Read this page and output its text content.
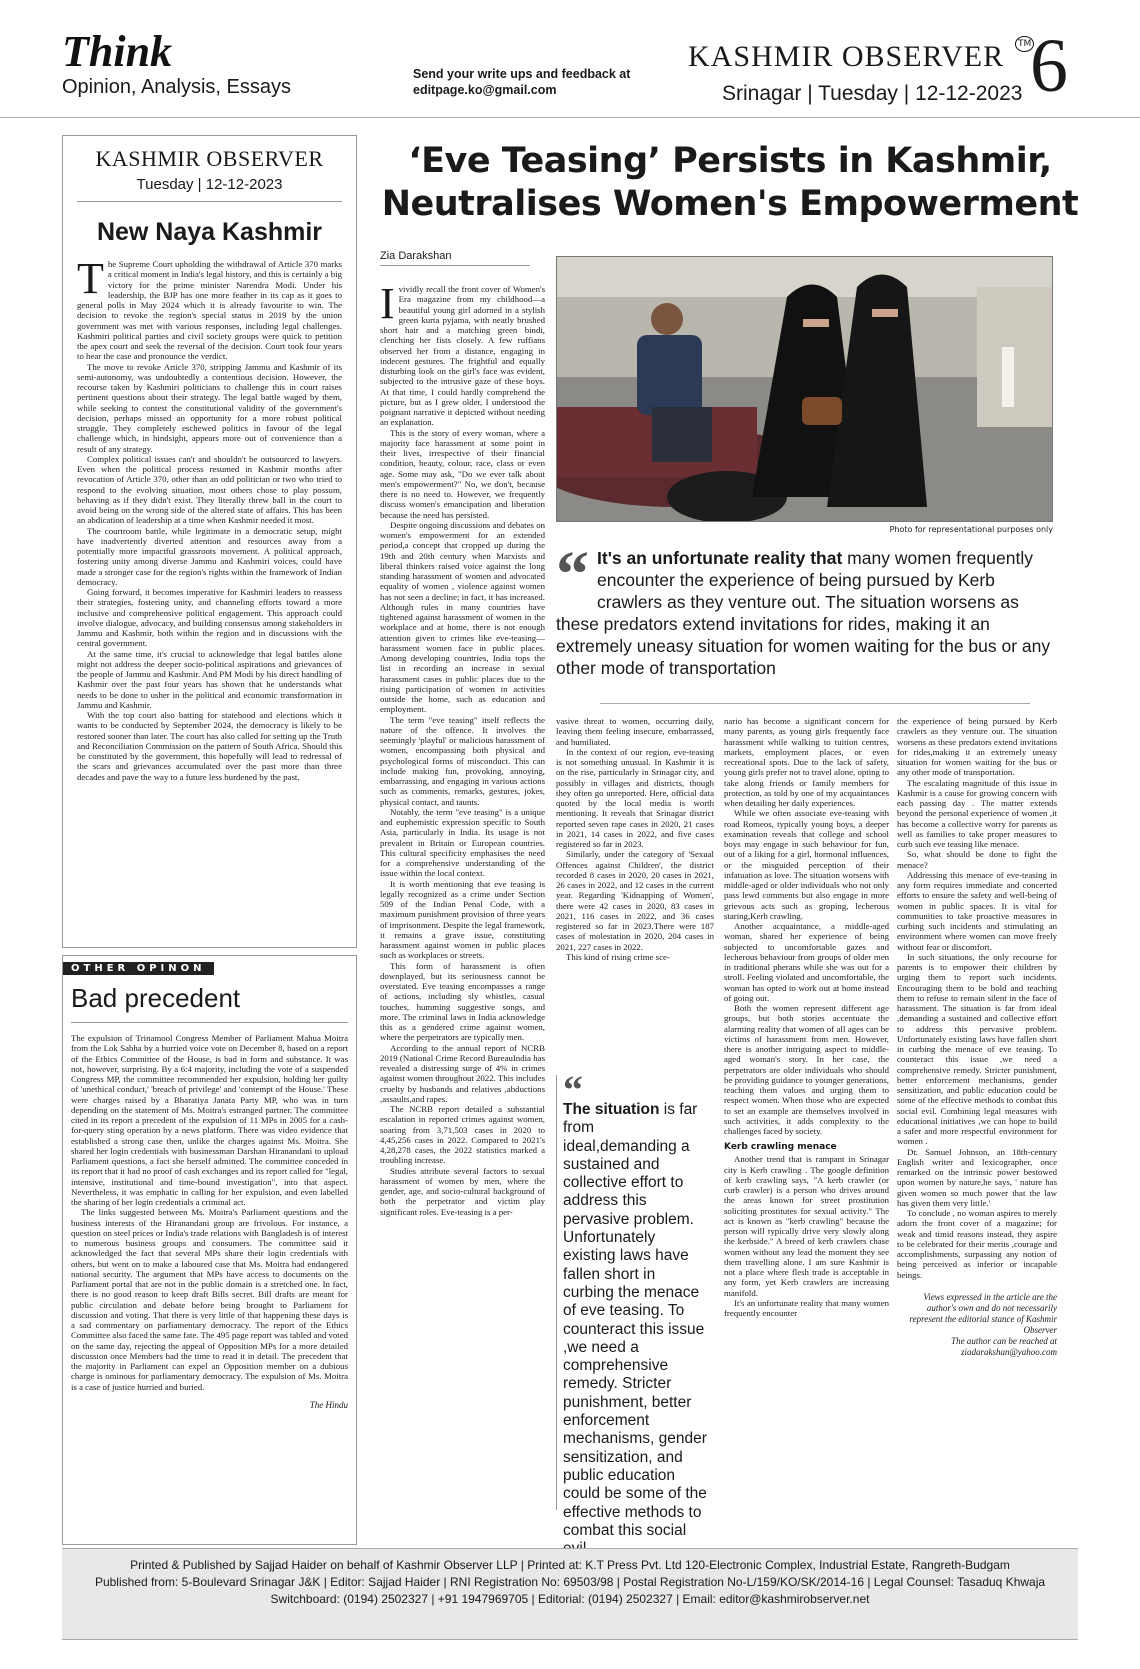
Think
Opinion, Analysis, Essays
Send your write ups and feedback at
editpage.ko@gmail.com
KASHMIR OBSERVER	TM
Srinagar | Tuesday | 12-12-2023 6
KASHMIR OBSERVER
Tuesday | 12-12-2023
New Naya Kashmir

The Supreme Court upholding the withdrawal of Article 370 marks a critical moment in India's legal history, and this is certainly a big victory for the prime minister Narendra Modi. Under his leadership, the BJP has one more feather in its cap as it goes to general polls in May 2024 which it is already favourite to win. The decision to revoke the region's special status in 2019 by the union government was met with various responses, including legal challenges. Kashmiri political parties and civil society groups were quick to petition the apex court and seek the reversal of the decision. Court took four years to hear the case and pronounce the verdict.

The move to revoke Article 370, stripping Jammu and Kashmir of its semi-autonomy, was undoubtedly a contentious decision. However, the recourse taken by Kashmiri politicians to challenge this in court raises pertinent questions about their strategy. The legal battle waged by them, while seeking to contest the constitutional validity of the government's decision, perhaps missed an opportunity for a more robust political struggle. They completely eschewed politics in favour of the legal challenge which, in hindsight, appears more out of convenience than a result of any strategy.

Complex political issues can't and shouldn't be outsourced to lawyers. Even when the political process resumed in Kashmir months after revocation of Article 370, other than an odd politician or two who tried to respond to the evolving situation, most others chose to play possum, behaving as if they didn't exist. They literally threw ball in the court to avoid being on the wrong side of the altered state of affairs. This has been an abdication of leadership at a time when Kashmir needed it most.

The courtroom battle, while legitimate in a democratic setup, might have inadvertently diverted attention and resources away from a potentially more impactful grassroots movement. A political approach, fostering unity among diverse Jammu and Kashmiri voices, could have made a stronger case for the region's rights within the framework of Indian democracy.

Going forward, it becomes imperative for Kashmiri leaders to reassess their strategies, fostering unity, and channeling efforts toward a more inclusive and comprehensive political engagement. This approach could involve dialogue, advocacy, and building consensus among stakeholders in Jammu and Kashmir, both within the region and in discussions with the central government.

At the same time, it's crucial to acknowledge that legal battles alone might not address the deeper socio-political aspirations and grievances of the people of Jammu and Kashmir. And PM Modi by his direct handling of Kashmir over the past four years has shown that he understands what needs to be done to usher in the political and economic transformation in Jammu and Kashmir.

With the top court also batting for statehood and elections which it wants to be conducted by September 2024, the democracy is likely to be restored sooner than later. The court has also called for setting up the Truth and Reconciliation Commission on the pattern of South Africa. Should this be constituted by the government, this hopefully will lead to redressal of the scars and grievances accumulated over the past more than three decades and pave the way to a future less burdened by the past.

OTHER OPINON
Bad precedent

The expulsion of Trinamool Congress Member of Parliament Mahua Moitra from the Lok Sabha by a hurried voice vote on December 8, based on a report of the Ethics Committee of the House, is bad in form and substance. It was not, however, surprising. By a 6:4 majority, including the vote of a suspended Congress MP, the committee recommended her expulsion, holding her guilty of 'unethical conduct,' 'breach of privilege' and 'contempt of the House.' These were charges raised by a Bharatiya Janata Party MP, who was in turn depending on the statement of Ms. Moitra's estranged partner. The committee cited in its report a precedent of the expulsion of 11 MPs in 2005 for a cash-for-query sting operation by a news platform. There was video evidence that established a strong case then, unlike the charges against Ms. Moitra. She shared her login credentials with businessman Darshan Hiranandani to upload Parliament questions, a fact she herself admitted. The committee conceded in its report that it had no proof of cash exchanges and its report called for "legal, intensive, institutional and time-bound investigation", into that aspect. Nevertheless, it was emphatic in calling for her expulsion, and even labelled the sharing of her login credentials a criminal act.

The links suggested between Ms. Moitra's Parliament questions and the business interests of the Hiranandani group are frivolous. For instance, a question on steel prices or India's trade relations with Bangladesh is of interest to numerous business groups and consumers. The committee said it acknowledged the fact that several MPs share their login credentials with others, but went on to make a laboured case that Ms. Moitra had endangered national security. The argument that MPs have access to documents on the Parliament portal that are not in the public domain is a stretched one. In fact, there is no good reason to keep draft Bills secret. Bill drafts are meant for public circulation and debate before being brought to Parliament for discussion and voting. That there is very little of that happening these days is a sad commentary on parliamentary democracy. The report of the Ethics Committee also faced the same fate. The 495 page report was tabled and voted on the same day, rejecting the appeal of Opposition MPs for a more detailed discussion once Members had the time to read it in detail. The precedent that the majority in Parliament can expel an Opposition member on a dubious charge is ominous for parliamentary democracy. The expulsion of Ms. Moitra is a case of justice hurried and buried.

The Hindu
‘Eve Teasing’ Persists in Kashmir,
Neutralises Women's Empowerment
Zia Darakshan

I vividly recall the front cover of Women's Era magazine from my childhood—a beautiful young girl adorned in a stylish green kurta pyjama, with neatly brushed short hair and a matching green bindi, clenching her fists closely. A few ruffians observed her from a distance, engaging in indecent gestures. The frightful and equally disturbing look on the girl's face was evident, subjected to the intrusive gaze of these boys. At that time, I could hardly comprehend the picture, but as I grew older, I understood the poignant narrative it depicted without needing an explanation.

This is the story of every woman, where a majority face harassment at some point in their lives, irrespective of their financial condition, beauty, colour, race, class or even age. Some may ask, "Do we ever talk about men's empowerment?" No, we don't, because there is no need to. However, we frequently discuss women's emancipation and liberation because the need has persisted.

Despite ongoing discussions and debates on women's empowerment for an extended period,a concept that cropped up during the 19th and 20th century when Marxists and liberal thinkers raised voice against the long standing harassment of women and advocated equality of women , violence against women has not seen a decline; in fact, it has increased. Although rules in many countries have tightened against harassment of women in the workplace and at home, there is not enough attention given to crimes like eve-teasing—harassment women face in public places. Among developing countries, India tops the list in recording an increase in sexual harassment cases in public places due to the rising participation of women in activities outside the home, such as education and employment.

The term "eve teasing" itself reflects the nature of the offence. It involves the seemingly 'playful' or malicious harassment of women, encompassing both physical and psychological forms of misconduct. This can include making fun, provoking, annoying, embarrassing, and engaging in various actions such as comments, remarks, gestures, jokes, physical contact, and taunts.

Notably, the term "eve teasing" is a unique and euphemistic expression specific to South Asia, particularly in India. Its usage is not prevalent in Britain or European countries. This cultural specificity emphasises the need for a comprehensive understanding of the issue within the local context.

It is worth mentioning that eve teasing is legally recognized as a crime under Section 509 of the Indian Penal Code, with a maximum punishment provision of three years of imprisonment. Despite the legal framework, it remains a grave issue, constituting harassment against women in public places such as workplaces or streets.

This form of harassment is often downplayed, but its seriousness cannot be overstated. Eve teasing encompasses a range of actions, including sly whistles, casual touches, humming suggestive songs, and more. The criminal laws in India acknowledge this as a gendered crime against women, where the perpetrators are typically men.

According to the annual report of NCRB 2019 (National Crime Record BureauIndia has revealed a distressing surge of 4% in crimes against women throughout 2022. This includes cruelty by husbands and relatives ,abductions ,assaults,and rapes.

The NCRB report detailed a substantial escalation in reported crimes against women, soaring from 3,71,503 cases in 2020 to 4,45,256 cases in 2022. Compared to 2021's 4,28,278 cases, the 2022 statistics marked a troubling increase.

Studies attribute several factors to sexual harassment of women by men, where the gender, age, and socio-cultural background of both the perpetrator and victim play significant roles. Eve-teasing is a per-

Photo for representational purposes only
“ It's an unfortunate reality that many women frequently encounter the experience of being pursued by Kerb crawlers as they venture out. The situation worsens as these predators extend invitations for rides, making it an extremely uneasy situation for women waiting for the bus or any other mode of transportation

vasive threat to women, occurring daily, leaving them feeling insecure, embarrassed, and humiliated.

In the context of our region, eve-teasing is not something unusual. In Kashmir it is on the rise, particularly in Srinagar city, and possibly in villages and districts, though they often go unreported. Here, official data quoted by the local media is worth mentioning. It reveals that Srinagar district reported seven rape cases in 2020, 21 cases in 2021, 14 cases in 2022, and five cases registered so far in 2023.

Similarly, under the category of 'Sexual Offences against Children', the district recorded 8 cases in 2020, 20 cases in 2021, 26 cases in 2022, and 12 cases in the current year. Regarding 'Kidnapping of Women', there were 42 cases in 2020, 83 cases in 2021, 116 cases in 2022, and 36 cases registered so far in 2023.There were 187 cases of molestation in 2020, 204 cases in 2021, 227 cases in 2022.

This kind of rising crime sce-

“
The situation is far from ideal,demanding a sustained and collective effort to address this pervasive problem. Unfortunately existing laws have fallen short in curbing the menace of eve teasing. To counteract this issue ,we need a comprehensive remedy. Stricter punishment, better enforcement mechanisms, gender sensitization, and public education could be some of the effective methods to combat this social

nario has become a significant concern for many parents, as young girls frequently face harassment while walking to tuition centres, markets, employment places, or even recreational spots. Due to the lack of safety, young girls prefer not to travel alone, opting to take along friends or family members for protection, as told by one of my acquaintances when detailing her daily experiences.

While we often associate eve-teasing with road Romeos, typically young boys, a deeper examination reveals that college and school boys may engage in such behaviour for fun, out of a liking for a girl, hormonal influences, or the misguided perception of their infatuation as love. The situation worsens with middle-aged or older individuals who not only pass lewd comments but also engage in more grievous acts such as groping, lecherous staring,Kerb crawling.

Another acquaintance, a middle-aged woman, shared her experience of being subjected to uncomfortable gazes and lecherous behaviour from groups of older men in traditional pherans while she was out for a stroll. Feeling violated and uncomfortable, the woman has opted to work out at home instead of going out.

Both the women represent different age groups, but both stories accentuate the alarming reality that women of all ages can be victims of harassment from men. However, there is another intriguing aspect to middle-aged woman's story. In her case, the perpetrators are older individuals who should be providing guidance to younger generations, teaching them values and urging them to respect women. When those who are expected to set an example are themselves involved in such activities, it adds complexity to the challenges faced by society.

Kerb crawling menace

Another trend that is rampant in Srinagar city is Kerb crawling . The google definition of kerb crawling says, "A kerb crawler (or curb crawler) is a person who drives around the areas known for street prostitution soliciting prostitutes for sexual activity." The act is known as "kerb crawling" because the person will typically drive very slowly along the kerbside." A breed of kerb crawlers chase women without any lead the moment they see them travelling alone. I am sure Kashmir is not a place where flesh trade is acceptable in any form, yet Kerb crawlers are increasing manifold.

It's an unfortunate reality that many women frequently encounter

the experience of being pursued by Kerb crawlers as they venture out. The situation worsens as these predators extend invitations for rides,making it an extremely uneasy situation for women waiting for the bus or any other mode of transportation.

The escalating magnitude of this issue in Kashmir is a cause for growing concern with each passing day . The matter extends beyond the personal experience of women ,it has become a collective worry for parents as well as families to take proper measures to curb such eve teasing like menace.

So, what should be done to fight the menace?

Addressing this menace of eve-teasing in any form requires immediate and concerted efforts to ensure the safety and well-being of women in public spaces. It is vital for communities to take proactive measures in curbing such incidents and stimulating an environment where women can move freely without fear or discomfort.

In such situations, the only recourse for parents is to empower their children by urging them to report such incidents. Encouraging them to be bold and teaching them to refuse to remain silent in the face of harassment. The situation is far from ideal ,demanding a sustained and collective effort to address this pervasive problem. Unfortunately existing laws have fallen short in curbing the menace of eve teasing. To counteract this issue ,we need a comprehensive remedy. Stricter punishment, better enforcement mechanisms, gender sensitization, and public education could be some of the effective methods to combat this social evil. Combining legal measures with educational initiatives ,we can hope to build a safer and more respectful environment for women .

Dr. Samuel Johnson, an 18th-century English writer and lexicographer, once remarked on the intrinsic power bestowed upon women by nature,he says, ' nature has given women so much power that the law has given them very little.'

To conclude , no woman aspires to merely adorn the front cover of a magazine; for weak and timid reasons instead, they aspire to be celebrated for their merits ,courage and accomplishments, surpassing any notion of being perceived as inferior or incapable beings.

Views expressed in the article are the author's own and do not necessarily represent the editorial stance of Kashmir Observer
The author can be reached at
ziadarakshan@yahoo.com
Printed & Published by Sajjad Haider on behalf of Kashmir Observer LLP | Printed at: K.T Press Pvt. Ltd 120-Electronic Complex, Industrial Estate, Rangreth-Budgam
Published from: 5-Boulevard Srinagar J&K | Editor: Sajjad Haider | RNI Registration No: 69503/98 | Postal Registration No-L/159/KO/SK/2014-16 | Legal Counsel: Tasaduq Khwaja
Switchboard: (0194) 2502327 | +91 1947969705 | Editorial: (0194) 2502327 | Email: editor@kashmirobserver.net
